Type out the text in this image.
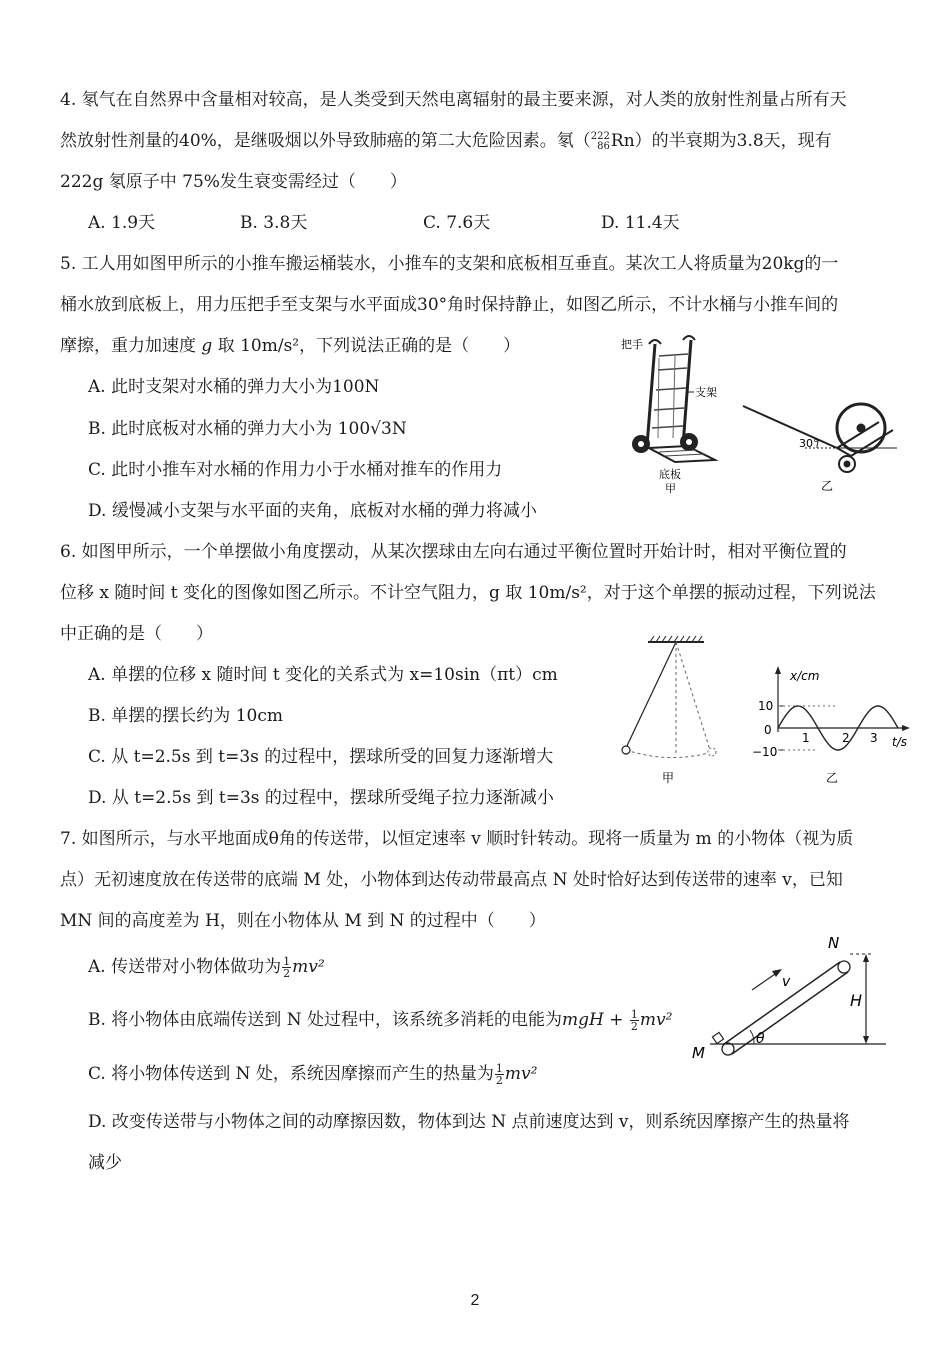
4. 氡气在自然界中含量相对较高，是人类受到天然电离辐射的最主要来源，对人类的放射性剂量占所有天
然放射性剂量的40%，是继吸烟以外导致肺癌的第二大危险因素。氡（ 222
86 Rn）的半衰期为3.8天，现有
222g 氡原子中 75%发生衰变需经过（　　）
A. 1.9天	B. 3.8天	C. 7.6天	D. 11.4天
5. 工人用如图甲所示的小推车搬运桶装水，小推车的支架和底板相互垂直。某次工人将质量为20kg的一
桶水放到底板上，用力压把手至支架与水平面成30°角时保持静止，如图乙所示，不计水桶与小推车间的
摩擦，重力加速度 g 取 10m/s²，下列说法正确的是（　　）
A. 此时支架对水桶的弹力大小为100N
B. 此时底板对水桶的弹力大小为 100√3N
C. 此时小推车对水桶的作用力小于水桶对推车的作用力
D. 缓慢减小支架与水平面的夹角，底板对水桶的弹力将减小
把手
支架
底板
甲
30°
乙
6. 如图甲所示，一个单摆做小角度摆动，从某次摆球由左向右通过平衡位置时开始计时，相对平衡位置的
位移 x 随时间 t 变化的图像如图乙所示。不计空气阻力，g 取 10m/s²，对于这个单摆的振动过程，下列说法
中正确的是（　　）
A. 单摆的位移 x 随时间 t 变化的关系式为 x=10sin（πt）cm
B. 单摆的摆长约为 10cm
C. 从 t=2.5s 到 t=3s 的过程中，摆球所受的回复力逐渐增大
D. 从 t=2.5s 到 t=3s 的过程中，摆球所受绳子拉力逐渐减小
甲
x/cm
10
0
−10
1	2 3 t/s
乙
7. 如图所示，与水平地面成θ角的传送带，以恒定速率 v 顺时针转动。现将一质量为 m 的小物体（视为质
点）无初速度放在传送带的底端 M 处，小物体到达传动带最高点 N 处时恰好达到传送带的速率 v，已知
MN 间的高度差为 H，则在小物体从 M 到 N 的过程中（　　）
A. 传送带对小物体做功为 $\frac{1}{2} mv^2$
B. 将小物体由底端传送到 N 处过程中，该系统多消耗的电能为mgH + $\frac{1}{2} mv^2$
C. 将小物体传送到 N 处，系统因摩擦而产生的热量为 $\frac{1}{2} mv^2$
D. 改变传送带与小物体之间的动摩擦因数，物体到达 N 点前速度达到 v，则系统因摩擦产生的热量将
减少
N
M
H
v
θ
2
